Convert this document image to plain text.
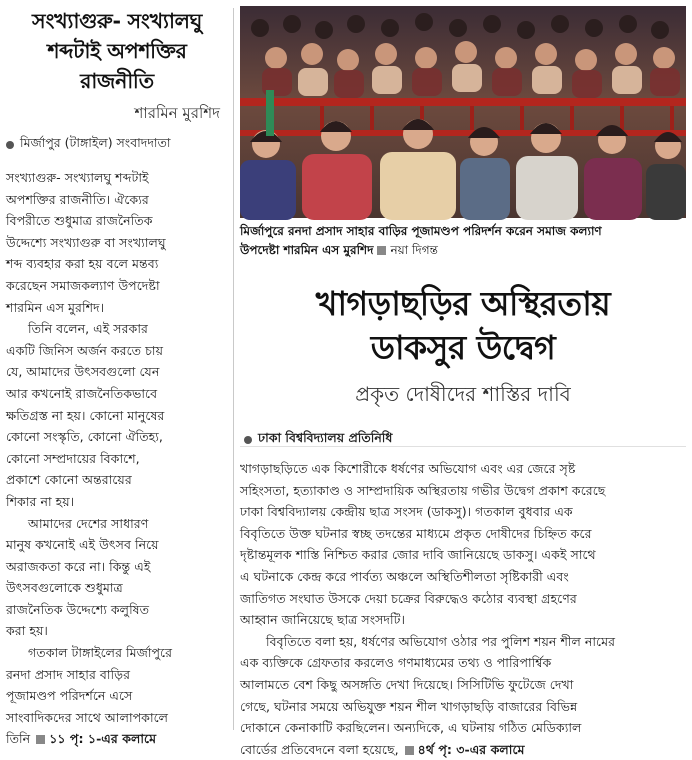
সংখ্যাগুরু- সংখ্যালঘু
শব্দটাই অপশক্তির
রাজনীতি
শারমিন মুরশিদ
মির্জাপুর (টাঙ্গাইল) সংবাদদাতা
সংখ্যাগুরু- সংখ্যালঘু শব্দটাই
অপশক্তির রাজনীতি। ঐক্যের
বিপরীতে শুধুমাত্র রাজনৈতিক
উদ্দেশ্যে সংখ্যাগুরু বা সংখ্যালঘু
শব্দ ব্যবহার করা হয় বলে মন্তব্য
করেছেন সমাজকল্যাণ উপদেষ্টা
শারমিন এস মুরশিদ।
তিনি বলেন, এই সরকার
একটি জিনিস অর্জন করতে চায়
যে, আমাদের উৎসবগুলো যেন
আর কখনোই রাজনৈতিকভাবে
ক্ষতিগ্রস্ত না হয়। কোনো মানুষের
কোনো সংস্কৃতি, কোনো ঐতিহ্য,
কোনো সম্প্রদায়ের বিকাশে,
প্রকাশে কোনো অন্তরায়ের
শিকার না হয়।
আমাদের দেশের সাধারণ
মানুষ কখনোই এই উৎসব নিয়ে
অরাজকতা করে না। কিন্তু এই
উৎসবগুলোকে শুধুমাত্র
রাজনৈতিক উদ্দেশ্যে কলুষিত
করা হয়।
গতকাল টাঙ্গাইলের মির্জাপুরে
রনদা প্রসাদ সাহার বাড়ির
পূজামণ্ডপ পরিদর্শনে এসে
সাংবাদিকদের সাথে আলাপকালে
তিনি ১১ পৃ: ১-এর কলামে
মির্জাপুরে রনদা প্রসাদ সাহার বাড়ির পূজামণ্ডপ পরিদর্শন করেন সমাজ কল্যাণ
উপদেষ্টা শারমিন এস মুরশিদ নয়া দিগন্ত
খাগড়াছড়ির অস্থিরতায়
ডাকসুর উদ্বেগ
প্রকৃত দোষীদের শাস্তির দাবি
ঢাকা বিশ্ববিদ্যালয় প্রতিনিধি
খাগড়াছড়িতে এক কিশোরীকে ধর্ষণের অভিযোগ এবং এর জেরে সৃষ্ট
সহিংসতা, হত্যাকাণ্ড ও সাম্প্রদায়িক অস্থিরতায় গভীর উদ্বেগ প্রকাশ করেছে
ঢাকা বিশ্ববিদ্যালয় কেন্দ্রীয় ছাত্র সংসদ (ডাকসু)। গতকাল বুধবার এক
বিবৃতিতে উক্ত ঘটনার স্বচ্ছ তদন্তের মাধ্যমে প্রকৃত দোষীদের চিহ্নিত করে
দৃষ্টান্তমূলক শাস্তি নিশ্চিত করার জোর দাবি জানিয়েছে ডাকসু। একই সাথে
এ ঘটনাকে কেন্দ্র করে পার্বত্য অঞ্চলে অস্থিতিশীলতা সৃষ্টিকারী এবং
জাতিগত সংঘাত উসকে দেয়া চক্রের বিরুদ্ধেও কঠোর ব্যবস্থা গ্রহণের
আহ্বান জানিয়েছে ছাত্র সংসদটি।
বিবৃতিতে বলা হয়, ধর্ষণের অভিযোগ ওঠার পর পুলিশ শয়ন শীল নামের
এক ব্যক্তিকে গ্রেফতার করলেও গণমাধ্যমের তথ্য ও পারিপার্শ্বিক
আলামতে বেশ কিছু অসঙ্গতি দেখা দিয়েছে। সিসিটিভি ফুটেজে দেখা
গেছে, ঘটনার সময়ে অভিযুক্ত শয়ন শীল খাগড়াছড়ি বাজারের বিভিন্ন
দোকানে কেনাকাটি করছিলেন। অন্যদিকে, এ ঘটনায় গঠিত মেডিক্যাল
বোর্ডের প্রতিবেদনে বলা হয়েছে, ৪র্থ পৃ: ৩-এর কলামে
